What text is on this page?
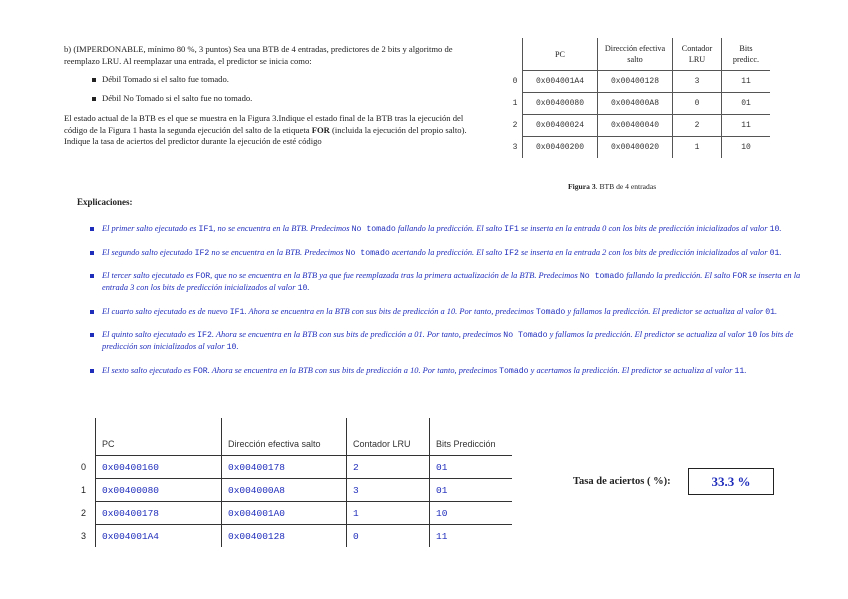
b) (IMPERDONABLE, mínimo 80 %, 3 puntos) Sea una BTB de 4 entradas, predictores de 2 bits y algoritmo de reemplazo LRU. Al reemplazar una entrada, el predictor se inicia como:

Débil Tomado si el salto fue tomado.

Débil No Tomado si el salto fue no tomado.

El estado actual de la BTB es el que se muestra en la Figura 3.Indique el estado final de la BTB tras la ejecución del código de la Figura 1 hasta la segunda ejecución del salto de la etiqueta FOR (incluida la ejecución del propio salto). Indique la tasa de aciertos del predictor durante la ejecución de esté código

	PC	Dirección efectiva salto	Contador LRU	Bits predicc.
0	0x004001A4	0x00400128	3	11
1	0x00400080	0x004000A8	0	01
2	0x00400024	0x00400040	2	11
3	0x00400200	0x00400020	1	10
Figura 3. BTB de 4 entradas
Explicaciones:
El primer salto ejecutado es IF1, no se encuentra en la BTB. Predecimos No tomado fallando la predicción. El salto IF1 se inserta en la entrada 0 con los bits de predicción inicializados al valor 10.
El segundo salto ejecutado IF2 no se encuentra en la BTB. Predecimos No tomado acertando la predicción. El salto IF2 se inserta en la entrada 2 con los bits de predicción inicializados al valor 01.
El tercer salto ejecutado es FOR, que no se encuentra en la BTB ya que fue reemplazada tras la primera actualización de la BTB. Predecimos No tomado fallando la predicción. El salto FOR se inserta en la entrada 3 con los bits de predicción inicializados al valor 10.
El cuarto salto ejecutado es de nuevo IF1. Ahora se encuentra en la BTB con sus bits de predicción a 10. Por tanto, predecimos Tomado y fallamos la predicción. El predictor se actualiza al valor 01.
El quinto salto ejecutado es IF2. Ahora se encuentra en la BTB con sus bits de predicción a 01. Por tanto, predecimos No Tomado y fallamos la predicción. El predictor se actualiza al valor 10 los bits de predicción son inicializados al valor 10.
El sexto salto ejecutado es FOR. Ahora se encuentra en la BTB con sus bits de predicción a 10. Por tanto, predecimos Tomado y acertamos la predicción. El predictor se actualiza al valor 11.
	PC	Dirección efectiva salto	Contador LRU	Bits Predicción
0	0x00400160	0x00400178	2	01
1	0x00400080	0x004000A8	3	01
2	0x00400178	0x004001A0	1	10
3	0x004001A4	0x00400128	0	11
Tasa de aciertos ( %):	33.3 %
